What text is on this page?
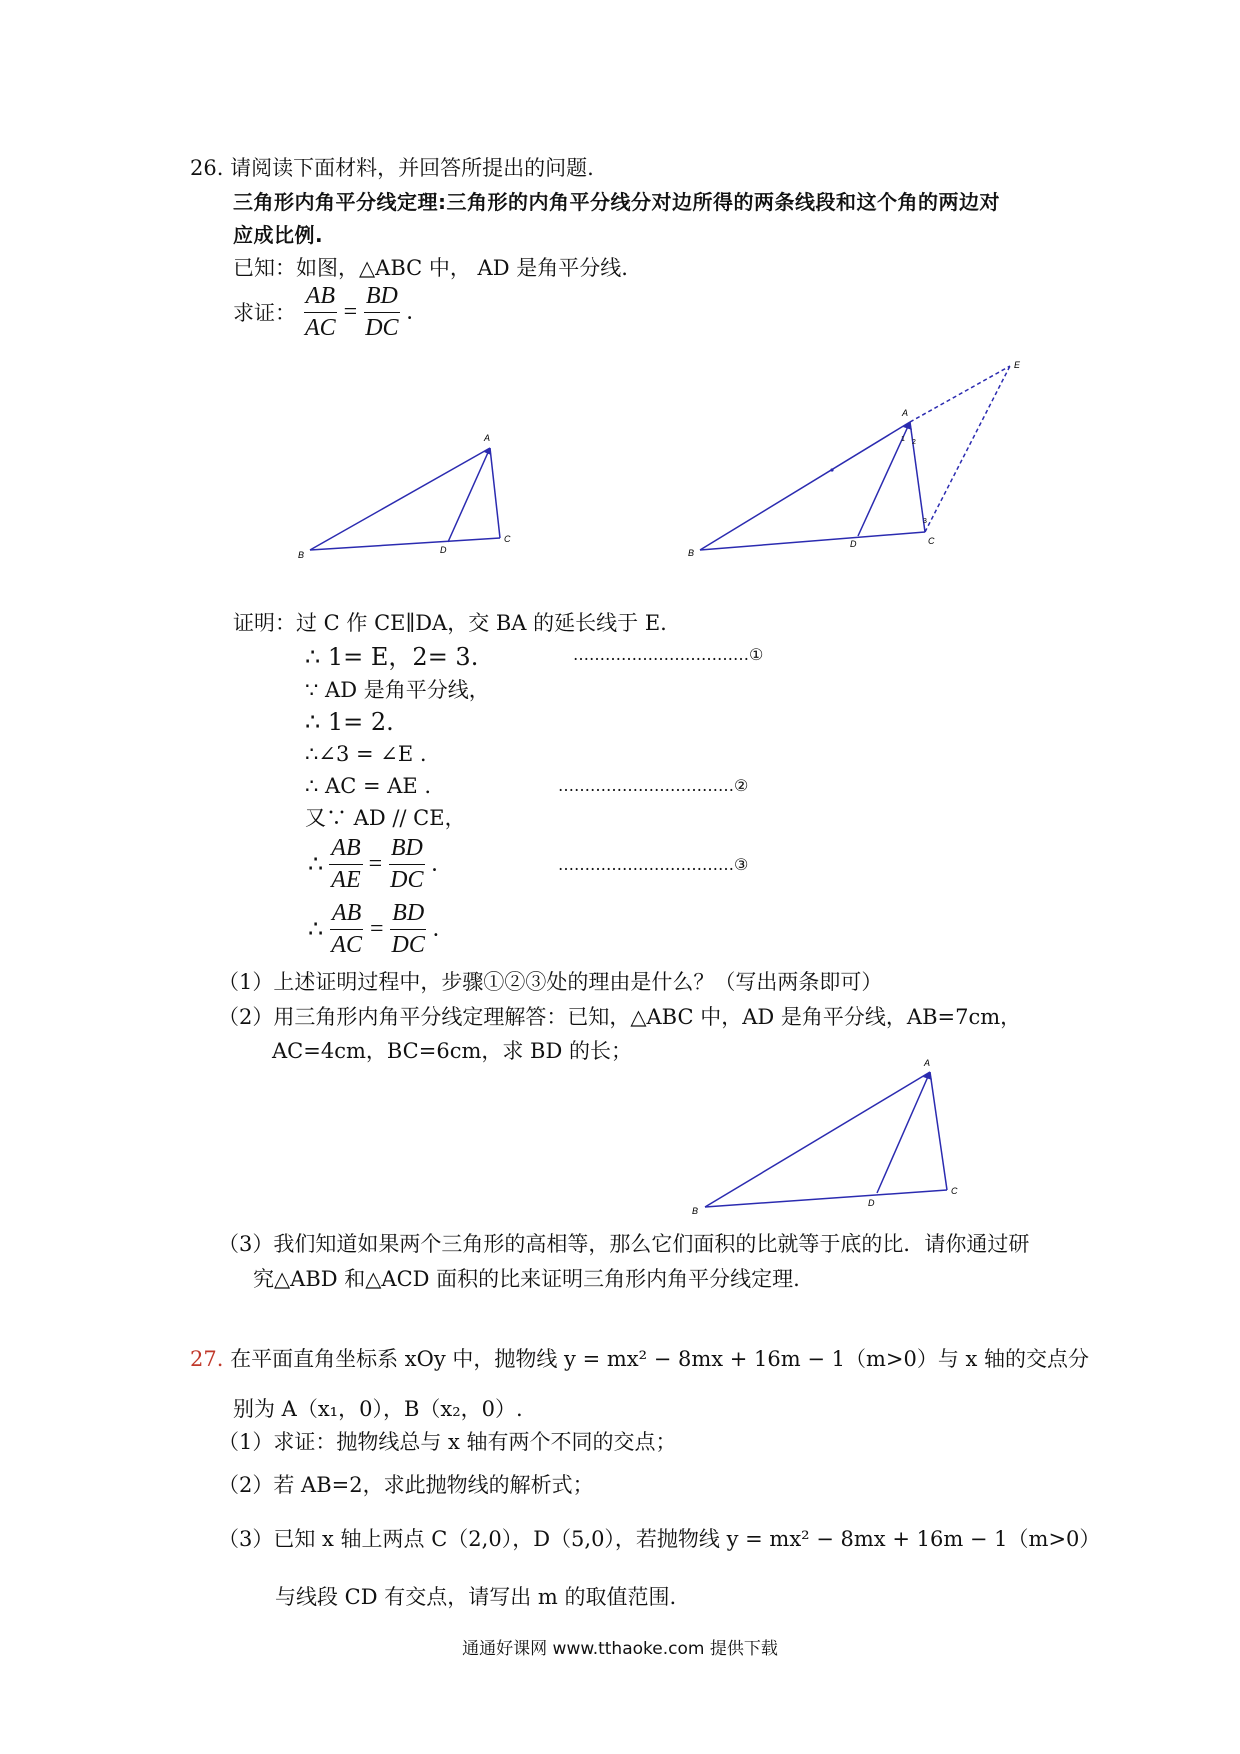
26. 请阅读下面材料，并回答所提出的问题.
三角形内角平分线定理:三角形的内角平分线分对边所得的两条线段和这个角的两边对
应成比例.
已知：如图，△ABC 中， AD 是角平分线.
求证： $\frac{AB}{AC} = \frac{BD}{DC}$ .
A
B
C
D
A
B
C
D
E
1 2
3
证明：过 C 作 CE∥DA，交 BA 的延长线于 E.
∴ 1= E，2= 3.	……………………………①
∵ AD 是角平分线，
∴ 1= 2.
∴∠3 = ∠E .
∴ AC = AE .	……………………………②
又∵ AD // CE，
∴ $\frac{AB}{AE} = \frac{BD}{DC}$ .	……………………………③
∴ $\frac{AB}{AC} = \frac{BD}{DC}$ .
（1）上述证明过程中，步骤①②③处的理由是什么？（写出两条即可）
（2）用三角形内角平分线定理解答：已知，△ABC 中，AD 是角平分线，AB=7cm，
AC=4cm，BC=6cm，求 BD 的长；	A
B
C
D
（3）我们知道如果两个三角形的高相等，那么它们面积的比就等于底的比．请你通过研
究△ABD 和△ACD 面积的比来证明三角形内角平分线定理.
27. 在平面直角坐标系 xOy 中，抛物线 y = mx² − 8mx + 16m − 1（m>0）与 x 轴的交点分
别为 A（x₁，0），B（x₂，0）.
（1）求证：抛物线总与 x 轴有两个不同的交点；
（2）若 AB=2，求此抛物线的解析式；
（3）已知 x 轴上两点 C（2,0），D（5,0），若抛物线 y = mx² − 8mx + 16m − 1（m>0）
与线段 CD 有交点，请写出 m 的取值范围.
通通好课网 www.tthaoke.com 提供下载
